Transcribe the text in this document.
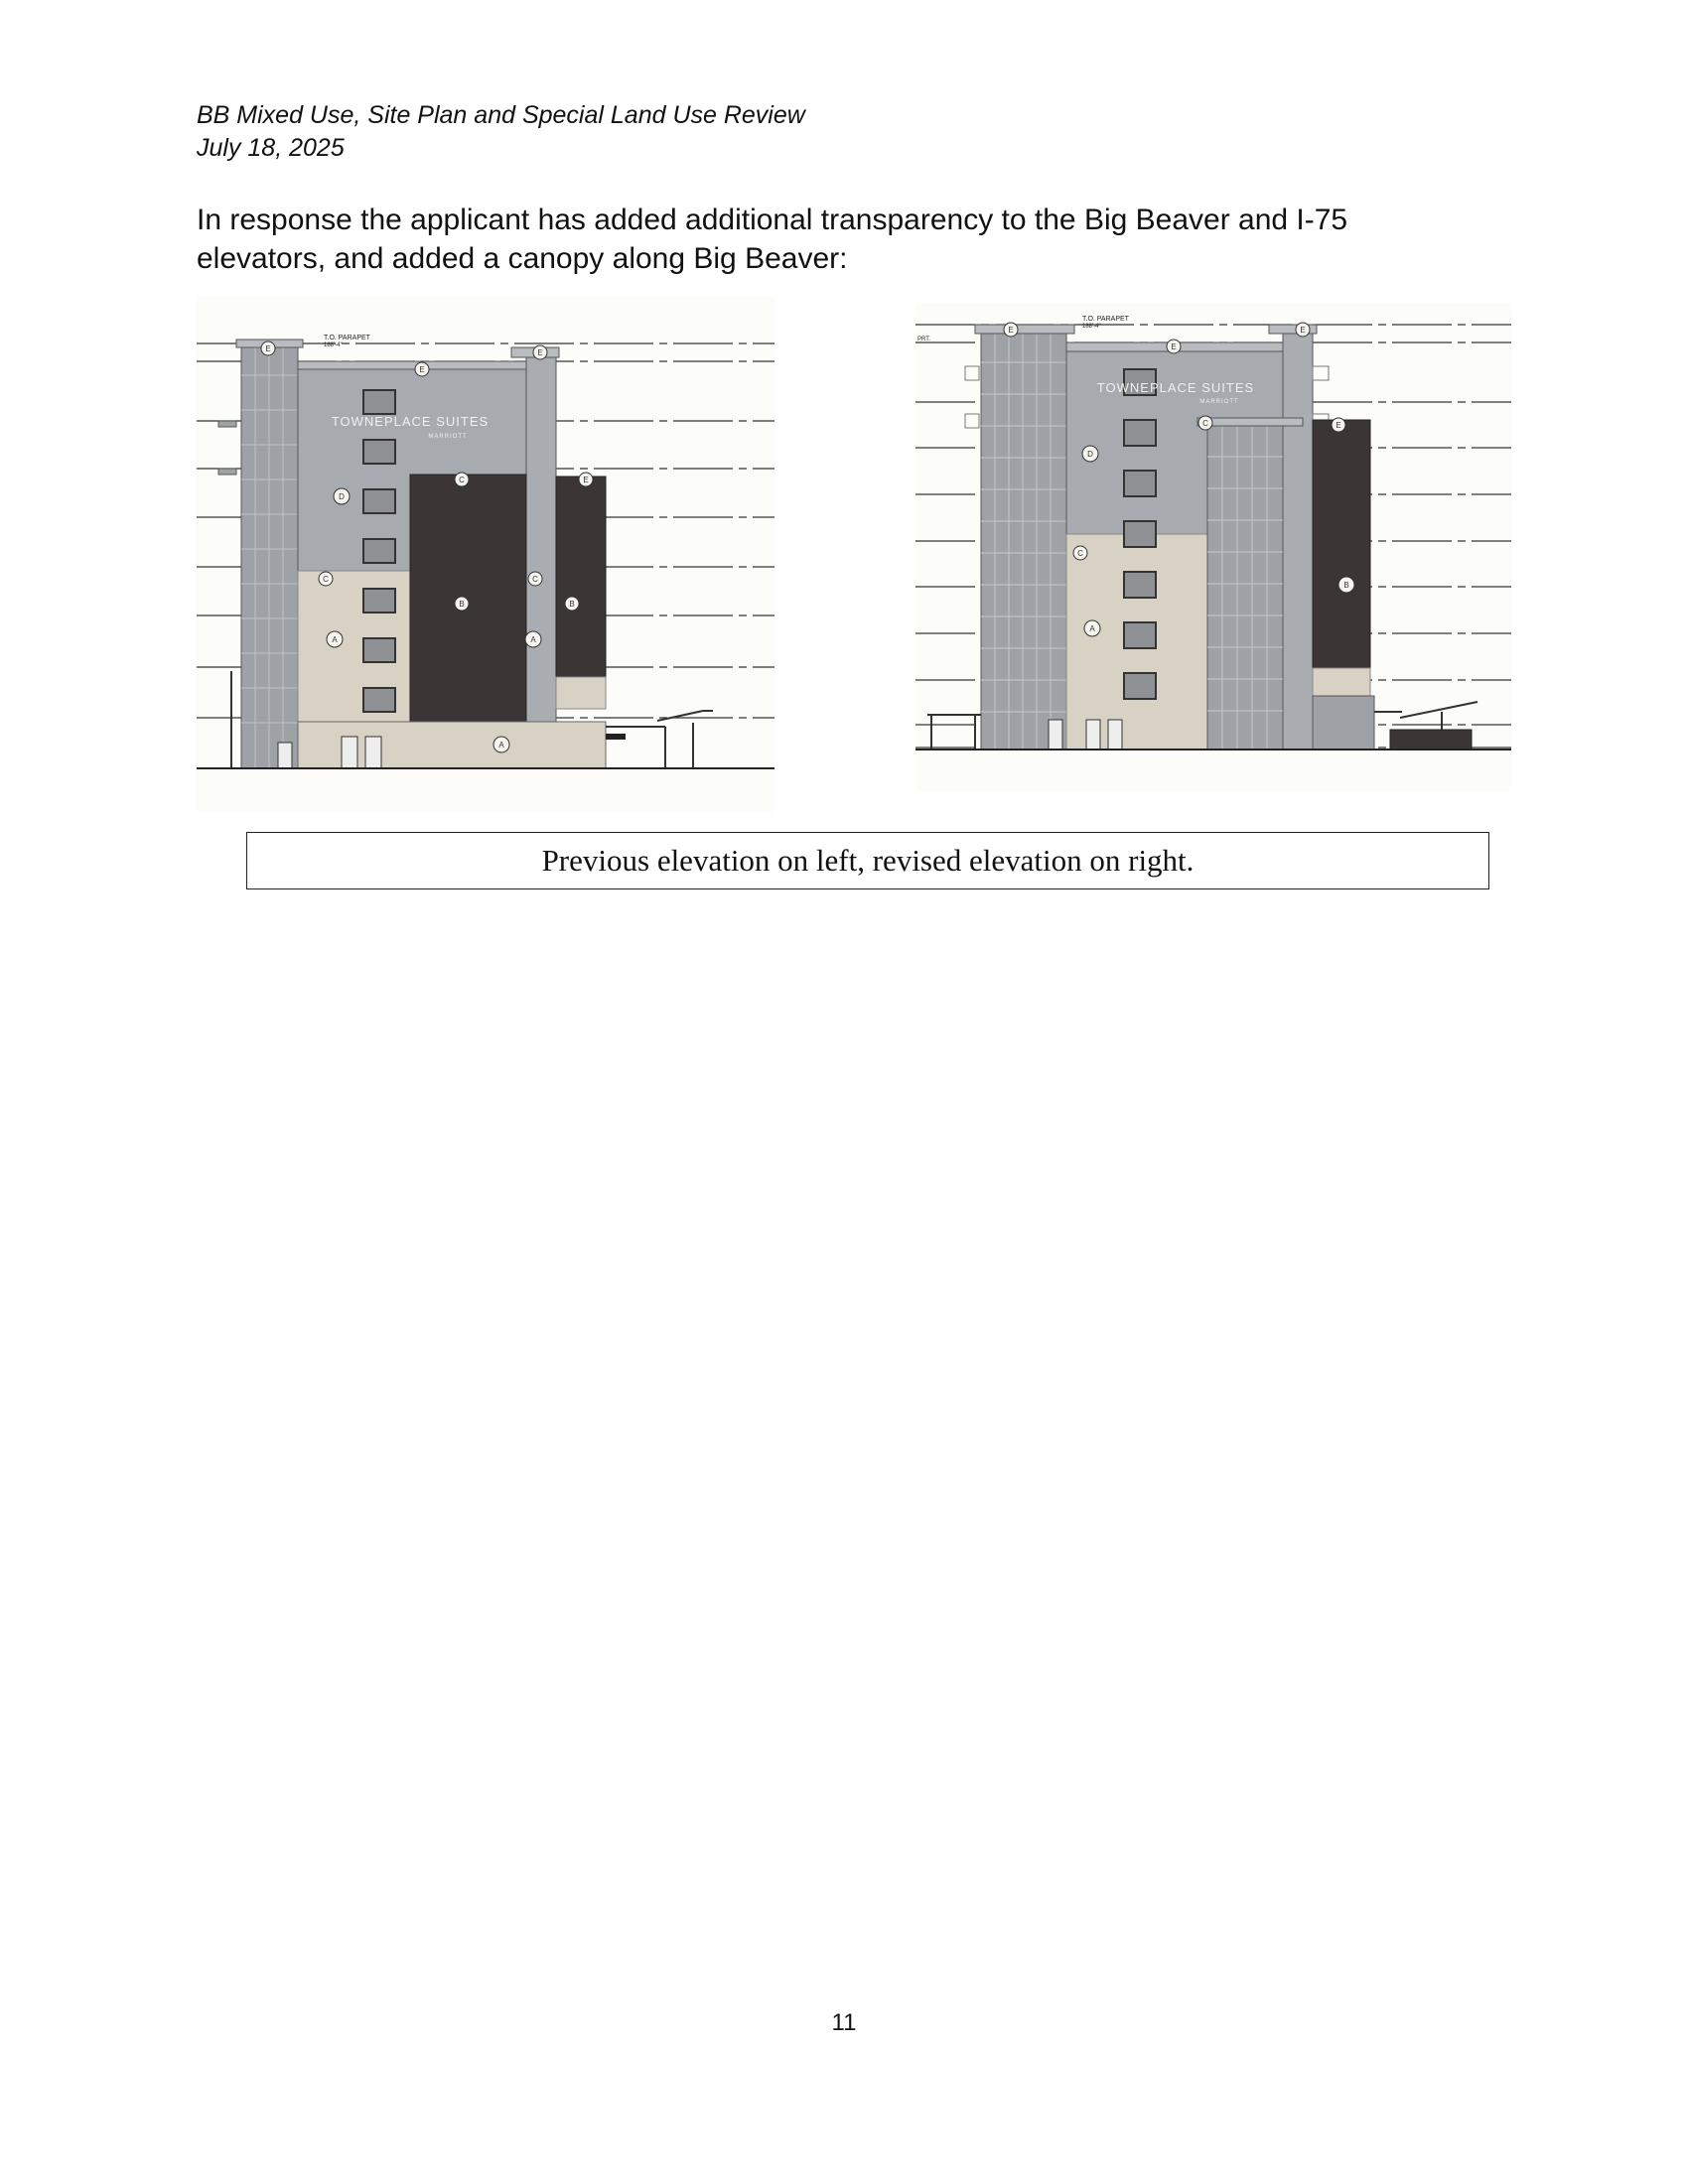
BB Mixed Use, Site Plan and Special Land Use Review
July 18, 2025
In response the applicant has added additional transparency to the Big Beaver and I-75 elevators, and added a canopy along Big Beaver:
TOWNEPLACE SUITES
MARRIOTT
T.O. PARAPET
188'-4"
E
E
E
D
C	E
C	C
B	B
A	A
A
TOWNEPLACE SUITES
MARRIOTT
T.O. PARAPET
188'-4"
PRT.
E
E
E
D
C	E
C
B
A
Previous elevation on left, revised elevation on right.
11
